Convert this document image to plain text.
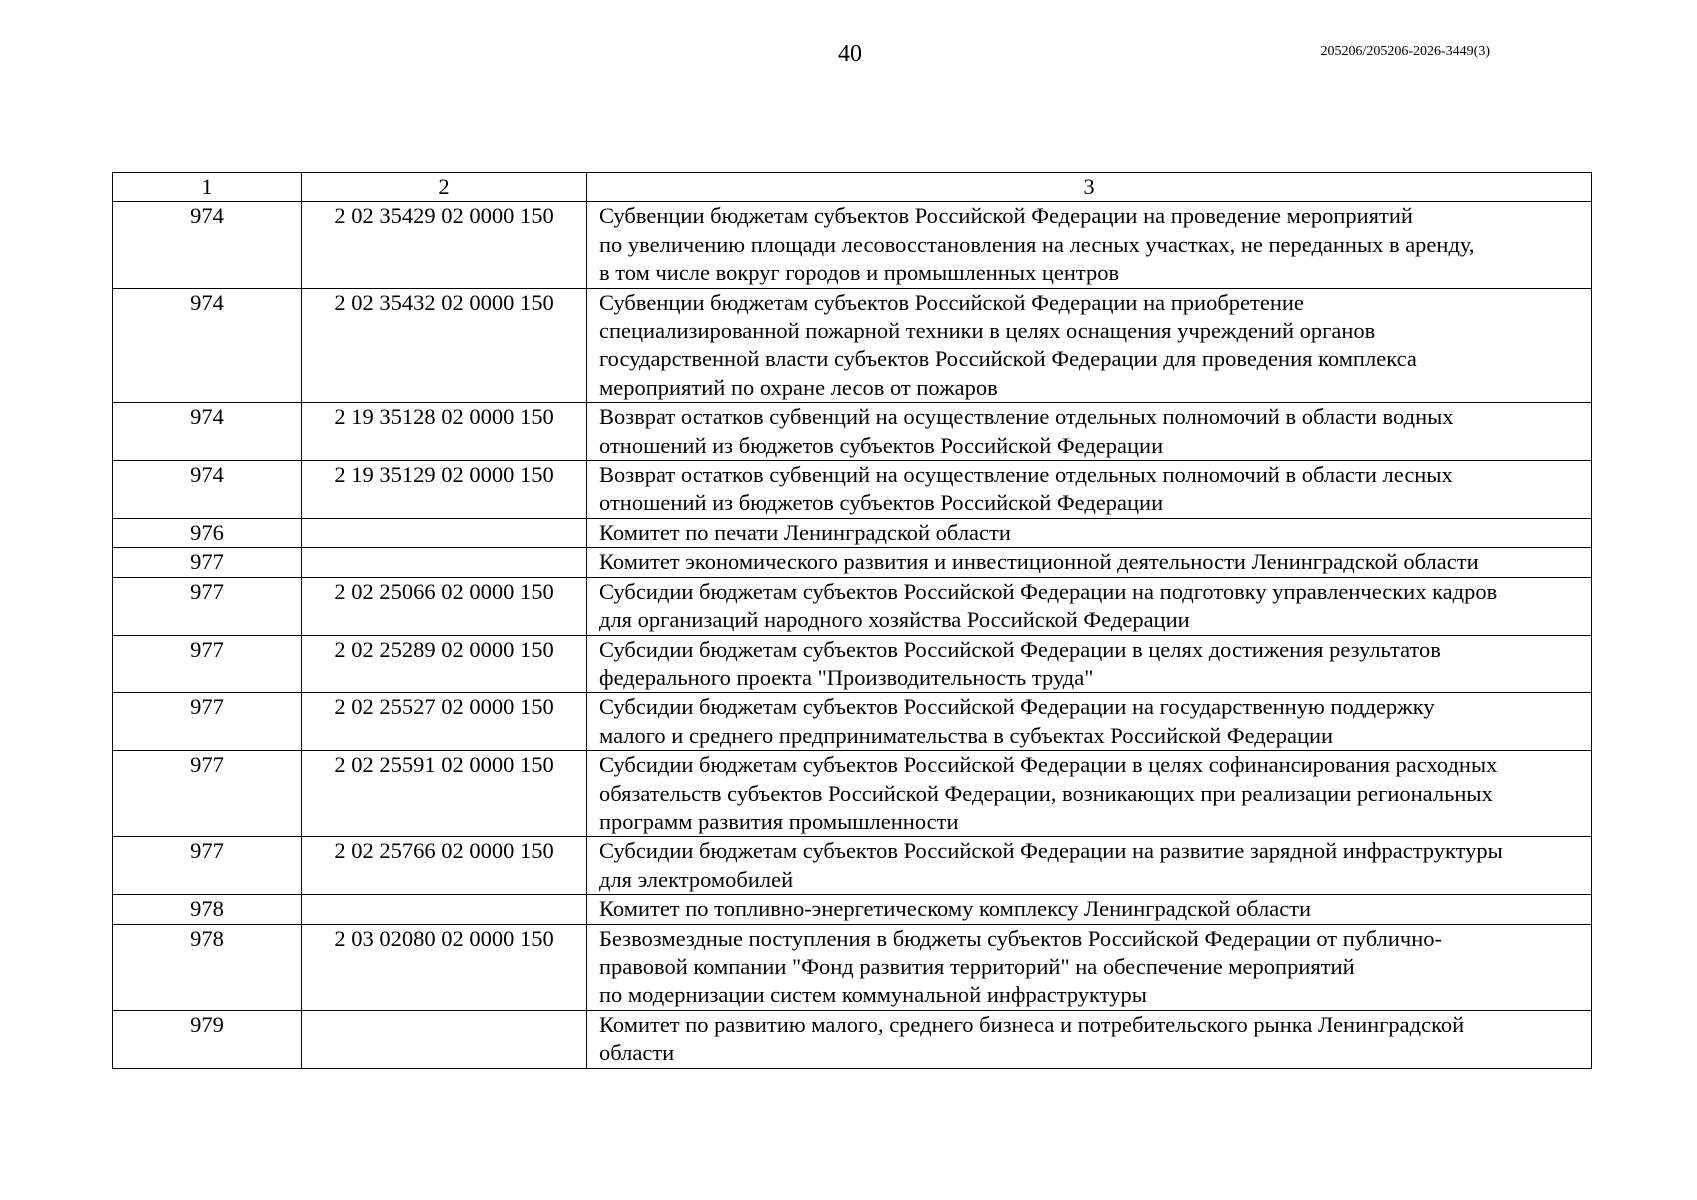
40	205206/205206-2026-3449(3)
1	2	3
974	2 02 35429 02 0000 150	Субвенции бюджетам субъектов Российской Федерации на проведение мероприятий
по увеличению площади лесовосстановления на лесных участках, не переданных в аренду,
в том числе вокруг городов и промышленных центров

974	2 02 35432 02 0000 150	Субвенции бюджетам субъектов Российской Федерации на приобретение
специализированной пожарной техники в целях оснащения учреждений органов
государственной власти субъектов Российской Федерации для проведения комплекса
мероприятий по охране лесов от пожаров

974	2 19 35128 02 0000 150	Возврат остатков субвенций на осуществление отдельных полномочий в области водных
отношений из бюджетов субъектов Российской Федерации

974	2 19 35129 02 0000 150	Возврат остатков субвенций на осуществление отдельных полномочий в области лесных
отношений из бюджетов субъектов Российской Федерации

976		Комитет по печати Ленинградской области

977		Комитет экономического развития и инвестиционной деятельности Ленинградской области

977	2 02 25066 02 0000 150	Субсидии бюджетам субъектов Российской Федерации на подготовку управленческих кадров
для организаций народного хозяйства Российской Федерации

977	2 02 25289 02 0000 150	Субсидии бюджетам субъектов Российской Федерации в целях достижения результатов
федерального проекта "Производительность труда"

977	2 02 25527 02 0000 150	Субсидии бюджетам субъектов Российской Федерации на государственную поддержку
малого и среднего предпринимательства в субъектах Российской Федерации

977	2 02 25591 02 0000 150	Субсидии бюджетам субъектов Российской Федерации в целях софинансирования расходных
обязательств субъектов Российской Федерации, возникающих при реализации региональных
программ развития промышленности

977	2 02 25766 02 0000 150	Субсидии бюджетам субъектов Российской Федерации на развитие зарядной инфраструктуры
для электромобилей

978		Комитет по топливно-энергетическому комплексу Ленинградской области

978	2 03 02080 02 0000 150	Безвозмездные поступления в бюджеты субъектов Российской Федерации от публично-
правовой компании "Фонд развития территорий" на обеспечение мероприятий
по модернизации систем коммунальной инфраструктуры

979		Комитет по развитию малого, среднего бизнеса и потребительского рынка Ленинградской
области
